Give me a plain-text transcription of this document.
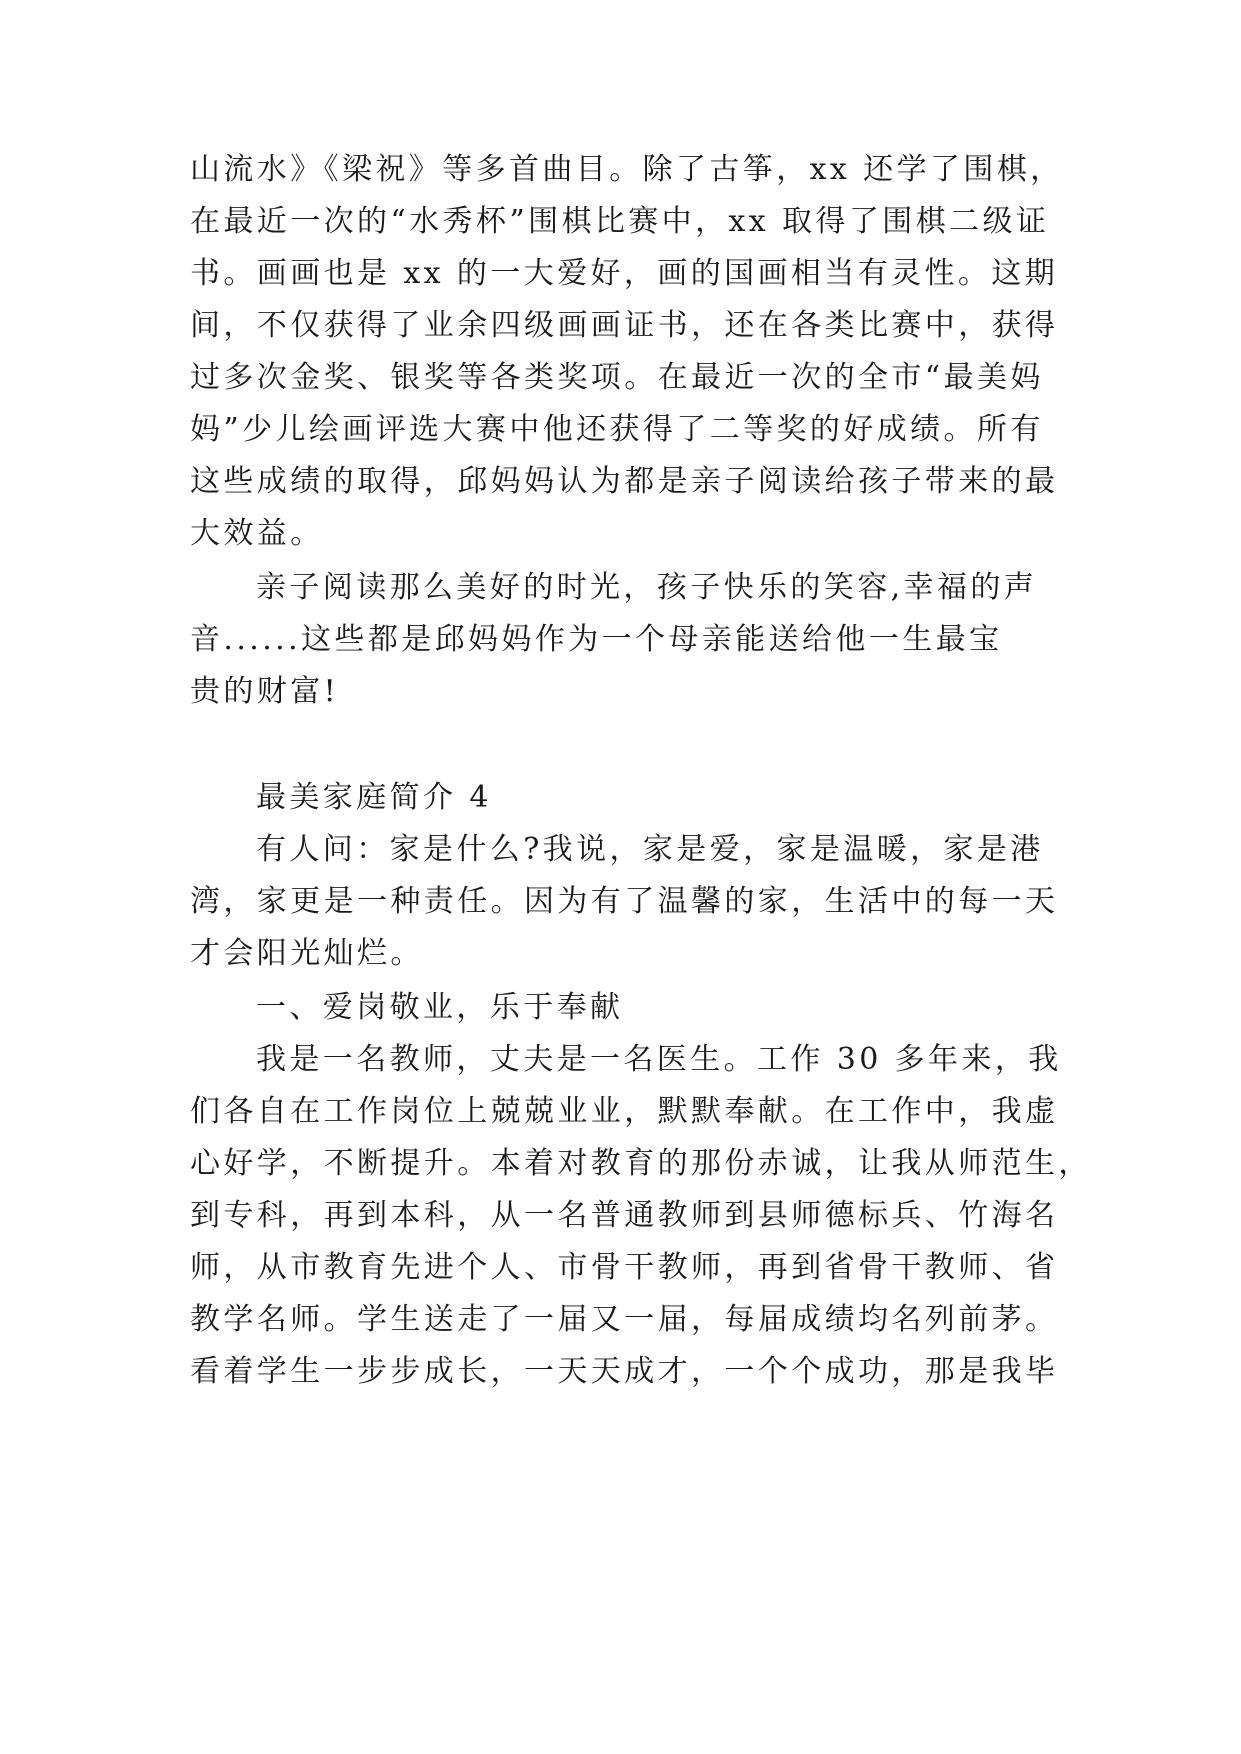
山流水》《梁祝》等多首曲目。除了古筝，xx 还学了围棋，
在最近一次的“水秀杯”围棋比赛中，xx 取得了围棋二级证
书。画画也是 xx 的一大爱好，画的国画相当有灵性。这期
间，不仅获得了业余四级画画证书，还在各类比赛中，获得
过多次金奖、银奖等各类奖项。在最近一次的全市“最美妈
妈”少儿绘画评选大赛中他还获得了二等奖的好成绩。所有
这些成绩的取得，邱妈妈认为都是亲子阅读给孩子带来的最
大效益。
亲子阅读那么美好的时光，孩子快乐的笑容,幸福的声
音......这些都是邱妈妈作为一个母亲能送给他一生最宝
贵的财富!
最美家庭简介 4
有人问：家是什么?我说，家是爱，家是温暖，家是港
湾，家更是一种责任。因为有了温馨的家，生活中的每一天
才会阳光灿烂。
一、爱岗敬业，乐于奉献
我是一名教师，丈夫是一名医生。工作 30 多年来，我
们各自在工作岗位上兢兢业业，默默奉献。在工作中，我虚
心好学，不断提升。本着对教育的那份赤诚，让我从师范生，
到专科，再到本科，从一名普通教师到县师德标兵、竹海名
师，从市教育先进个人、市骨干教师，再到省骨干教师、省
教学名师。学生送走了一届又一届，每届成绩均名列前茅。
看着学生一步步成长，一天天成才，一个个成功，那是我毕
